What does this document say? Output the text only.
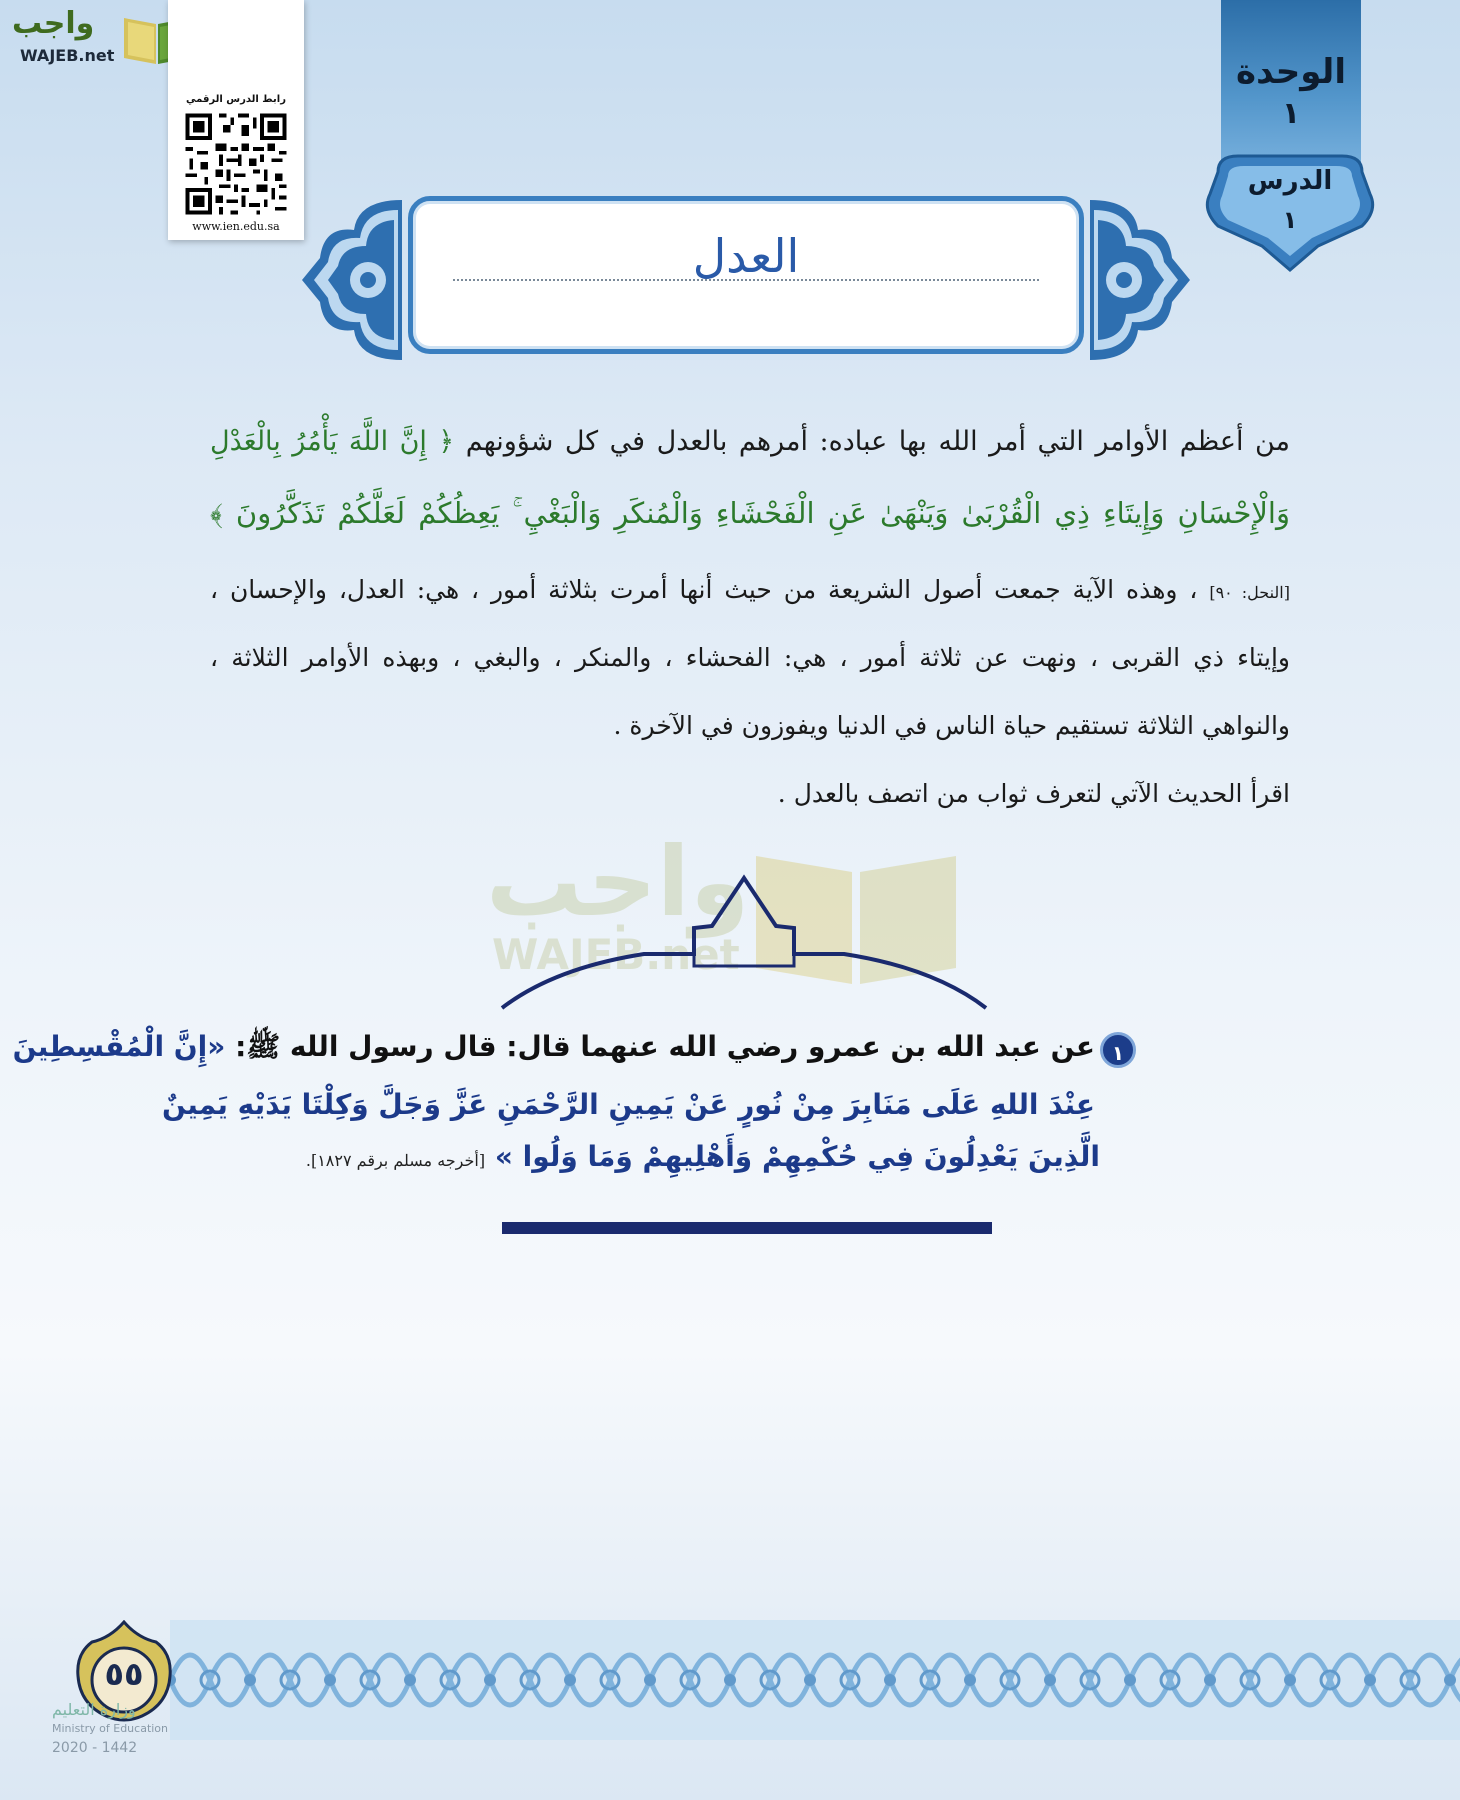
واجب
WAJEB.net
رابط الدرس الرقمي
www.ien.edu.sa
الوحدة
١
الدرس
١
العدل
من أعظم الأوامر التي أمر الله بها عباده: أمرهم بالعدل في كل شؤونهم ﴿ إِنَّ اللَّهَ يَأْمُرُ بِالْعَدْلِ
وَالْإِحْسَانِ وَإِيتَاءِ ذِي الْقُرْبَىٰ وَيَنْهَىٰ عَنِ الْفَحْشَاءِ وَالْمُنكَرِ وَالْبَغْيِ ۚ يَعِظُكُمْ لَعَلَّكُمْ تَذَكَّرُونَ ﴾
[النحل: ٩٠] ، وهذه الآية جمعت أصول الشريعة من حيث أنها أمرت بثلاثة أمور ، هي: العدل، والإحسان ،
وإيتاء ذي القربى ، ونهت عن ثلاثة أمور ، هي: الفحشاء ، والمنكر ، والبغي ، وبهذه الأوامر الثلاثة ،
والنواهي الثلاثة تستقيم حياة الناس في الدنيا ويفوزون في الآخرة .
اقرأ الحديث الآتي لتعرف ثواب من اتصف بالعدل .
واجب
WAJEB.net
١
عن عبد الله بن عمرو رضي الله عنهما قال: قال رسول الله ﷺ: «إِنَّ الْمُقْسِطِينَ
عِنْدَ اللهِ عَلَى مَنَابِرَ مِنْ نُورٍ عَنْ يَمِينِ الرَّحْمَنِ عَزَّ وَجَلَّ وَكِلْتَا يَدَيْهِ يَمِينٌ
الَّذِينَ يَعْدِلُونَ فِي حُكْمِهِمْ وَأَهْلِيهِمْ وَمَا وَلُوا » [أخرجه مسلم برقم ١٨٢٧].
٥٥
وزارة التعليم
Ministry of Education
2020 - 1442
